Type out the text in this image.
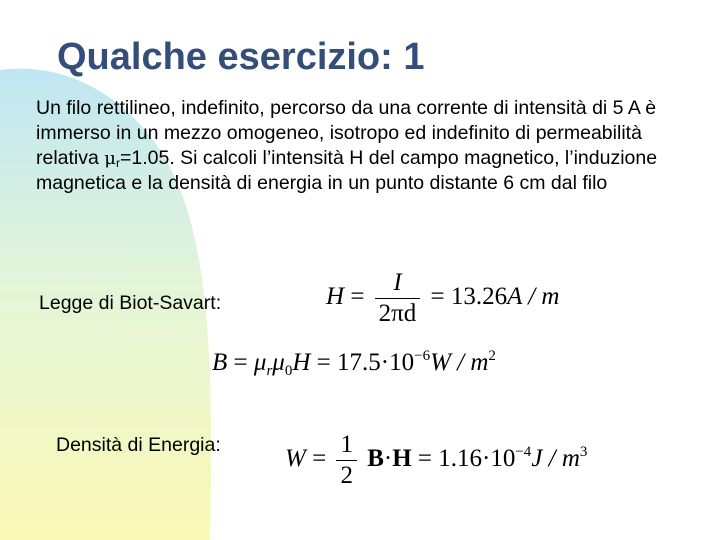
Qualche esercizio: 1
Un filo rettilineo, indefinito, percorso da una corrente di intensità di 5 A è immerso in un mezzo omogeneo, isotropo ed indefinito di permeabilità relativa $\mu_r=1.05$. Si calcoli l’intensità H del campo magnetico, l’induzione magnetica e la densità di energia in un punto distante 6 cm dal filo
Legge di Biot-Savart:	$H = \frac{I}{2\pi d} = 13.26A / m$
$B = \mu_r\mu_0H = 17.5\cdot 10^{-6}W / m^2$
Densità di Energia:
$W = \frac{1}{2} B\cdot H = 1.16\cdot 10^{-4}J / m^3$
